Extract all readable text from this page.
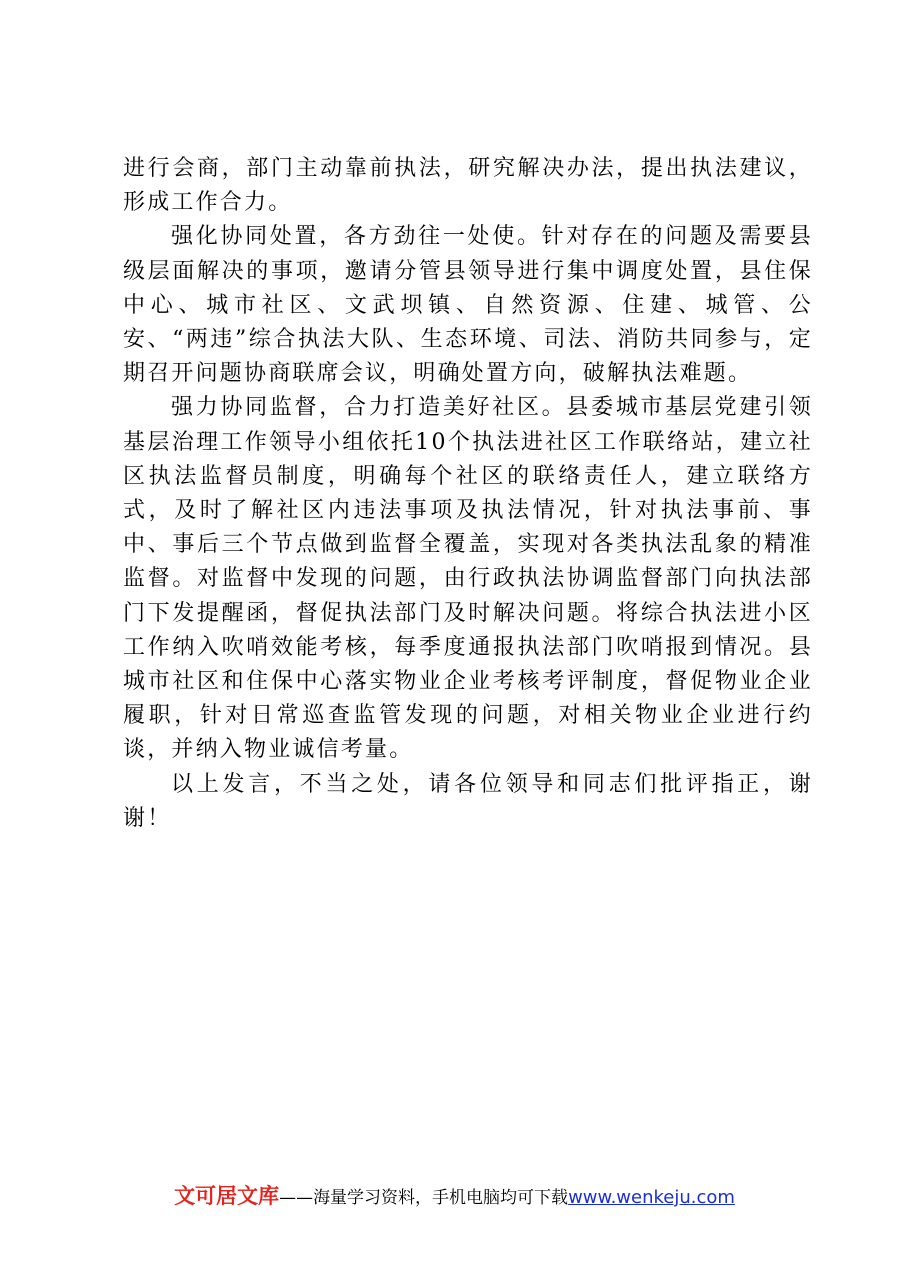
进行会商，部门主动靠前执法，研究解决办法，提出执法建议，形成工作合力。

强化协同处置，各方劲往一处使。针对存在的问题及需要县级层面解决的事项，邀请分管县领导进行集中调度处置，县住保中心、城市社区、文武坝镇、自然资源、住建、城管、公安、“两违”综合执法大队、生态环境、司法、消防共同参与，定期召开问题协商联席会议，明确处置方向，破解执法难题。

强力协同监督，合力打造美好社区。县委城市基层党建引领基层治理工作领导小组依托10个执法进社区工作联络站，建立社区执法监督员制度，明确每个社区的联络责任人，建立联络方式，及时了解社区内违法事项及执法情况，针对执法事前、事中、事后三个节点做到监督全覆盖，实现对各类执法乱象的精准监督。对监督中发现的问题，由行政执法协调监督部门向执法部门下发提醒函，督促执法部门及时解决问题。将综合执法进小区工作纳入吹哨效能考核，每季度通报执法部门吹哨报到情况。县城市社区和住保中心落实物业企业考核考评制度，督促物业企业履职，针对日常巡查监管发现的问题，对相关物业企业进行约谈，并纳入物业诚信考量。

以上发言，不当之处，请各位领导和同志们批评指正，谢谢！

文可居文库——海量学习资料，手机电脑均可下载www.wenkeju.com
